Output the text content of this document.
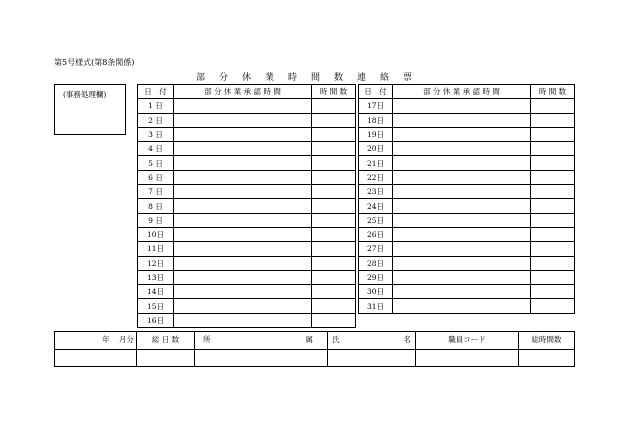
第5号様式(第8条関係)
部分休業時間数連絡票
(事務処理欄)	日　付	部 分 休 業 承 認 時 間	時 間 数
1 日		
2 日		
3 日		
4 日		
5 日		
6 日		
7 日		
8 日		
9 日		
10日		
11日		
12日		
13日		
14日		
15日		
16日		
日　付	部 分 休 業 承 認 時 間	時 間 数
17日		
18日		
19日		
20日		
21日		
22日		
23日		
24日		
25日		
26日		
27日		
28日		
29日		
30日		
31日		
年 月分	総 日 数	所 属	氏 名	職員コード	総時間数
